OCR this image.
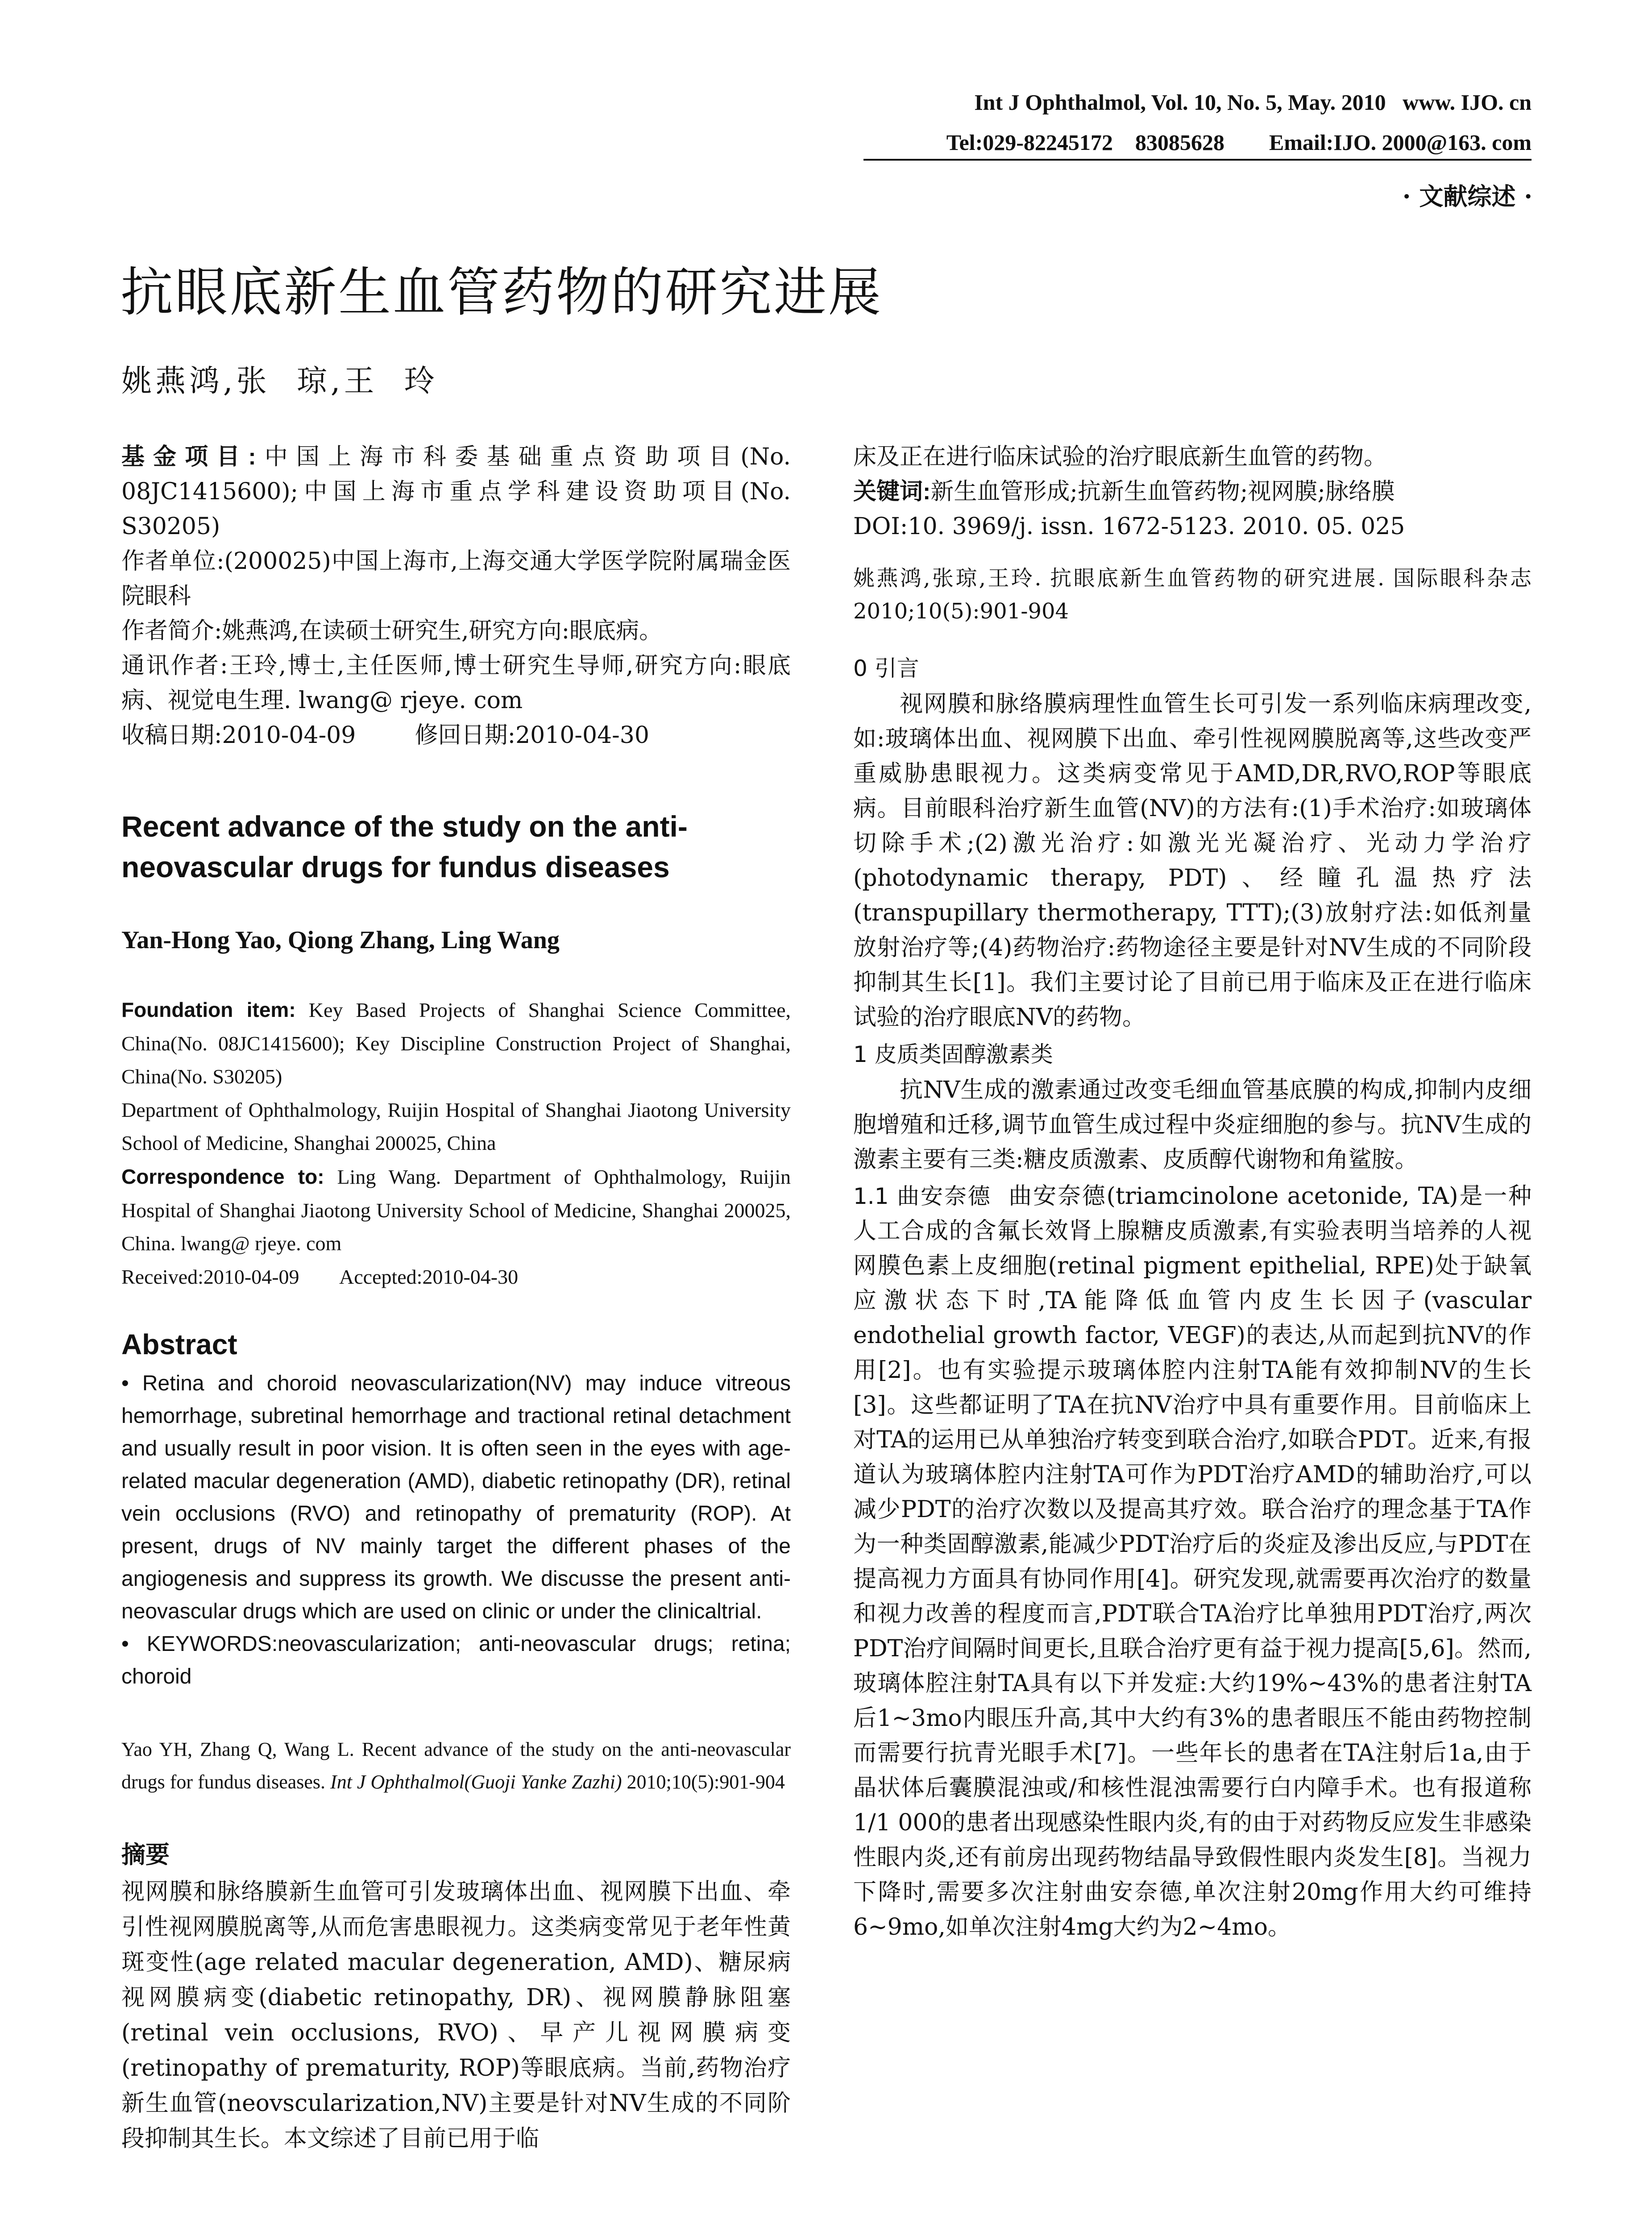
Int J Ophthalmol, Vol. 10, No. 5, May. 2010   www. IJO. cn
Tel:029-82245172    83085628        Email:IJO. 2000@163. com
· 文献综述 ·
抗眼底新生血管药物的研究进展
姚燕鸿,张  琼,王  玲

基金项目:中国上海市科委基础重点资助项目(No. 08JC1415600);中国上海市重点学科建设资助项目(No. S30205)

作者单位:(200025)中国上海市,上海交通大学医学院附属瑞金医院眼科

作者简介:姚燕鸿,在读硕士研究生,研究方向:眼底病。

通讯作者:王玲,博士,主任医师,博士研究生导师,研究方向:眼底病、视觉电生理. lwang@ rjeye. com

收稿日期:2010-04-09        修回日期:2010-04-30

Recent advance of the study on the anti-neovascular drugs for fundus diseases
Yan-Hong Yao, Qiong Zhang, Ling Wang

Foundation item: Key Based Projects of Shanghai Science Committee, China(No. 08JC1415600); Key Discipline Construction Project of Shanghai, China(No. S30205)

Department of Ophthalmology, Ruijin Hospital of Shanghai Jiaotong University School of Medicine, Shanghai 200025, China

Correspondence to: Ling Wang. Department of Ophthalmology, Ruijin Hospital of Shanghai Jiaotong University School of Medicine, Shanghai 200025, China. lwang@ rjeye. com

Received:2010-04-09        Accepted:2010-04-30

Abstract

• Retina and choroid neovascularization(NV) may induce vitreous hemorrhage, subretinal hemorrhage and tractional retinal detachment and usually result in poor vision. It is often seen in the eyes with age-related macular degeneration (AMD), diabetic retinopathy (DR), retinal vein occlusions (RVO) and retinopathy of prematurity (ROP). At present, drugs of NV mainly target the different phases of the angiogenesis and suppress its growth. We discusse the present anti-neovascular drugs which are used on clinic or under the clinicaltrial.

• KEYWORDS:neovascularization; anti-neovascular drugs; retina; choroid

Yao YH, Zhang Q, Wang L. Recent advance of the study on the anti-neovascular drugs for fundus diseases. Int J Ophthalmol(Guoji Yanke Zazhi) 2010;10(5):901-904
摘要
视网膜和脉络膜新生血管可引发玻璃体出血、视网膜下出血、牵引性视网膜脱离等,从而危害患眼视力。这类病变常见于老年性黄斑变性(age related macular degeneration, AMD)、糖尿病视网膜病变(diabetic retinopathy, DR)、视网膜静脉阻塞(retinal vein occlusions, RVO)、早产儿视网膜病变(retinopathy of prematurity, ROP)等眼底病。当前,药物治疗新生血管(neovscularization,NV)主要是针对NV生成的不同阶段抑制其生长。本文综述了目前已用于临

床及正在进行临床试验的治疗眼底新生血管的药物。

关键词:新生血管形成;抗新生血管药物;视网膜;脉络膜

DOI:10. 3969/j. issn. 1672-5123. 2010. 05. 025

姚燕鸿,张琼,王玲. 抗眼底新生血管药物的研究进展. 国际眼科杂志 2010;10(5):901-904
0 引言
视网膜和脉络膜病理性血管生长可引发一系列临床病理改变,如:玻璃体出血、视网膜下出血、牵引性视网膜脱离等,这些改变严重威胁患眼视力。这类病变常见于AMD,DR,RVO,ROP等眼底病。目前眼科治疗新生血管(NV)的方法有:(1)手术治疗:如玻璃体切除手术;(2)激光治疗:如激光光凝治疗、光动力学治疗(photodynamic therapy, PDT)、经瞳孔温热疗法(transpupillary thermotherapy, TTT);(3)放射疗法:如低剂量放射治疗等;(4)药物治疗:药物途径主要是针对NV生成的不同阶段抑制其生长[1]。我们主要讨论了目前已用于临床及正在进行临床试验的治疗眼底NV的药物。
1 皮质类固醇激素类
抗NV生成的激素通过改变毛细血管基底膜的构成,抑制内皮细胞增殖和迁移,调节血管生成过程中炎症细胞的参与。抗NV生成的激素主要有三类:糖皮质激素、皮质醇代谢物和角鲨胺。
1.1 曲安奈德 曲安奈德(triamcinolone acetonide, TA)是一种人工合成的含氟长效肾上腺糖皮质激素,有实验表明当培养的人视网膜色素上皮细胞(retinal pigment epithelial, RPE)处于缺氧应激状态下时,TA能降低血管内皮生长因子(vascular endothelial growth factor, VEGF)的表达,从而起到抗NV的作用[2]。也有实验提示玻璃体腔内注射TA能有效抑制NV的生长[3]。这些都证明了TA在抗NV治疗中具有重要作用。目前临床上对TA的运用已从单独治疗转变到联合治疗,如联合PDT。近来,有报道认为玻璃体腔内注射TA可作为PDT治疗AMD的辅助治疗,可以减少PDT的治疗次数以及提高其疗效。联合治疗的理念基于TA作为一种类固醇激素,能减少PDT治疗后的炎症及渗出反应,与PDT在提高视力方面具有协同作用[4]。研究发现,就需要再次治疗的数量和视力改善的程度而言,PDT联合TA治疗比单独用PDT治疗,两次PDT治疗间隔时间更长,且联合治疗更有益于视力提高[5,6]。然而,玻璃体腔注射TA具有以下并发症:大约19%~43%的患者注射TA后1~3mo内眼压升高,其中大约有3%的患者眼压不能由药物控制而需要行抗青光眼手术[7]。一些年长的患者在TA注射后1a,由于晶状体后囊膜混浊或/和核性混浊需要行白内障手术。也有报道称1/1 000的患者出现感染性眼内炎,有的由于对药物反应发生非感染性眼内炎,还有前房出现药物结晶导致假性眼内炎发生[8]。当视力下降时,需要多次注射曲安奈德,单次注射20mg作用大约可维持6~9mo,如单次注射4mg大约为2~4mo。
